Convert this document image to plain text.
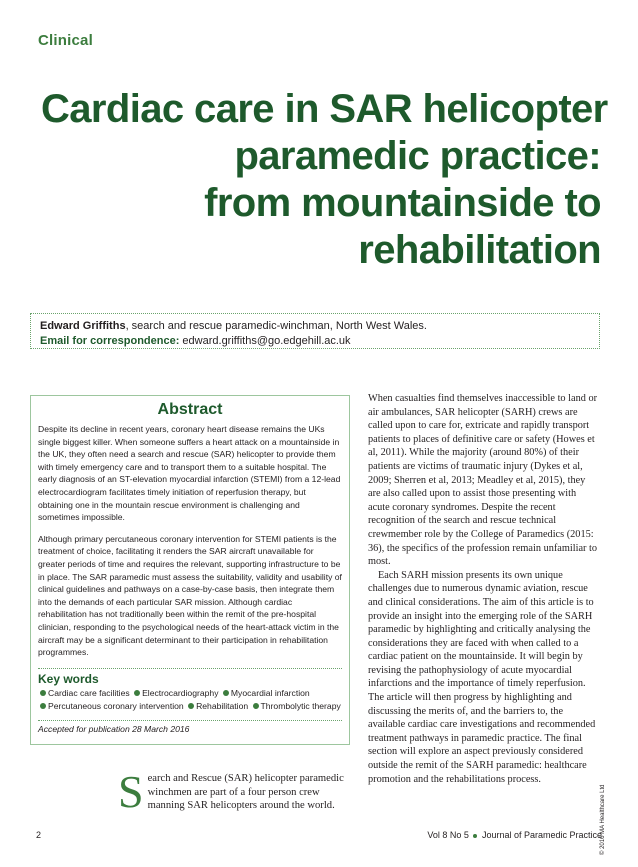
Clinical
Cardiac care in SAR helicopter
paramedic practice:
from mountainside to
rehabilitation
Edward Griffiths, search and rescue paramedic-winchman, North West Wales.
Email for correspondence: edward.griffiths@go.edgehill.ac.uk
Abstract

Despite its decline in recent years, coronary heart disease remains the UKs single biggest killer. When someone suffers a heart attack on a mountainside in the UK, they often need a search and rescue (SAR) helicopter to provide them with timely emergency care and to transport them to a suitable hospital. The early diagnosis of an ST-elevation myocardial infarction (STEMI) from a 12-lead electrocardiogram facilitates timely initiation of reperfusion therapy, but obtaining one in the mountain rescue environment is challenging and sometimes impossible.

Although primary percutaneous coronary intervention for STEMI patients is the treatment of choice, facilitating it renders the SAR aircraft unavailable for greater periods of time and requires the relevant, supporting infrastructure to be in place. The SAR paramedic must assess the suitability, validity and usability of clinical guidelines and pathways on a case-by-case basis, then integrate them into the demands of each particular SAR mission. Although cardiac rehabilitation has not traditionally been within the remit of the pre-hospital clinician, responding to the psychological needs of the heart-attack victim in the aircraft may be a significant determinant to their participation in rehabilitation programmes.

Key words
Cardiac care facilities Electrocardiography Myocardial infarction
Percutaneous coronary intervention Rehabilitation Thrombolytic therapy
Accepted for publication 28 March 2016
Search and Rescue (SAR) helicopter paramedic winchmen are part of a four person crew manning SAR helicopters around the world.

When casualties find themselves inaccessible to land or air ambulances, SAR helicopter (SARH) crews are called upon to care for, extricate and rapidly transport patients to places of definitive care or safety (Howes et al, 2011). While the majority (around 80%) of their patients are victims of traumatic injury (Dykes et al, 2009; Sherren et al, 2013; Meadley et al, 2015), they are also called upon to assist those presenting with acute coronary syndromes. Despite the recent recognition of the search and rescue technical crewmember role by the College of Paramedics (2015: 36), the specifics of the profession remain unfamiliar to most.

Each SARH mission presents its own unique challenges due to numerous dynamic aviation, rescue and clinical considerations. The aim of this article is to provide an insight into the emerging role of the SARH paramedic by highlighting and critically analysing the considerations they are faced with when called to a cardiac patient on the mountainside. It will begin by revising the pathophysiology of acute myocardial infarctions and the importance of timely reperfusion. The article will then progress by highlighting and discussing the merits of, and the barriers to, the available cardiac care investigations and recommended treatment pathways in paramedic practice. The final section will explore an aspect previously considered outside the remit of the SARH paramedic: healthcare promotion and the rehabilitations process.

© 2016 MA Healthcare Ltd
2	Vol 8 No 5 Journal of Paramedic Practice
